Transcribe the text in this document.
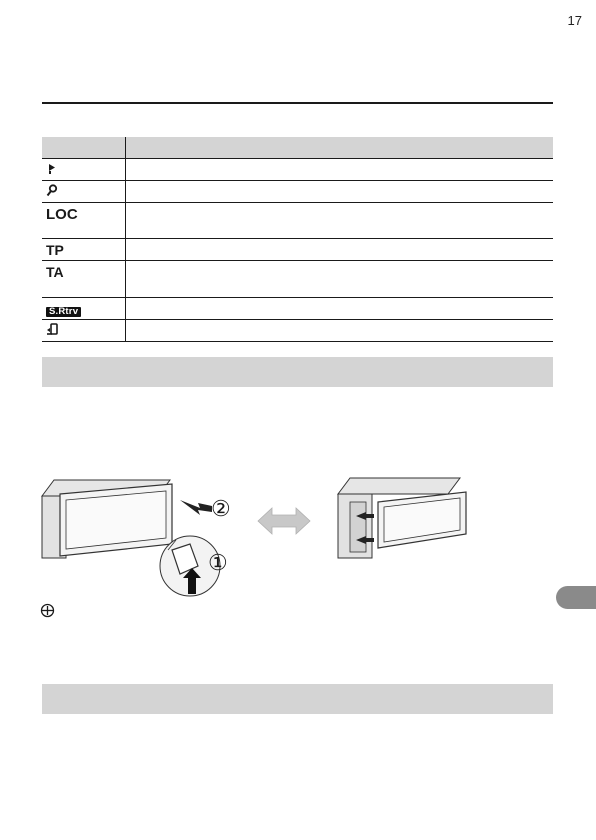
17

LOC	
TP	
TA	
S.Rtrv	

②
①
